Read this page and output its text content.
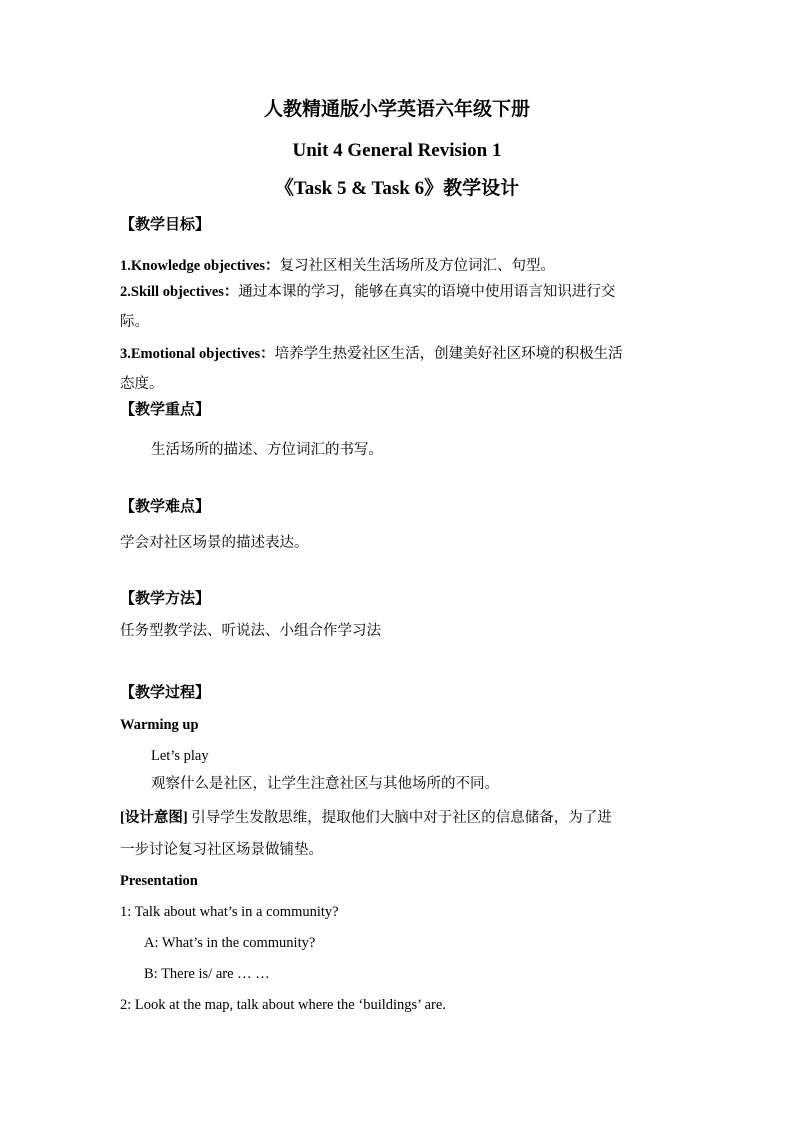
人教精通版小学英语六年级下册
Unit 4 General Revision 1
《Task 5 & Task 6》教学设计
【教学目标】
1.Knowledge objectives：复习社区相关生活场所及方位词汇、句型。
2.Skill objectives：通过本课的学习，能够在真实的语境中使用语言知识进行交
际。
3.Emotional objectives：培养学生热爱社区生活，创建美好社区环境的积极生活
态度。
【教学重点】
生活场所的描述、方位词汇的书写。
【教学难点】
学会对社区场景的描述表达。
【教学方法】
任务型教学法、听说法、小组合作学习法
【教学过程】
Warming up
Let’s play
观察什么是社区，让学生注意社区与其他场所的不同。
[设计意图] 引导学生发散思维，提取他们大脑中对于社区的信息储备，为了进
一步讨论复习社区场景做铺垫。
Presentation
1: Talk about what’s in a community?
A: What’s in the community?
B: There is/ are … …
2: Look at the map, talk about where the ‘buildings’ are.
